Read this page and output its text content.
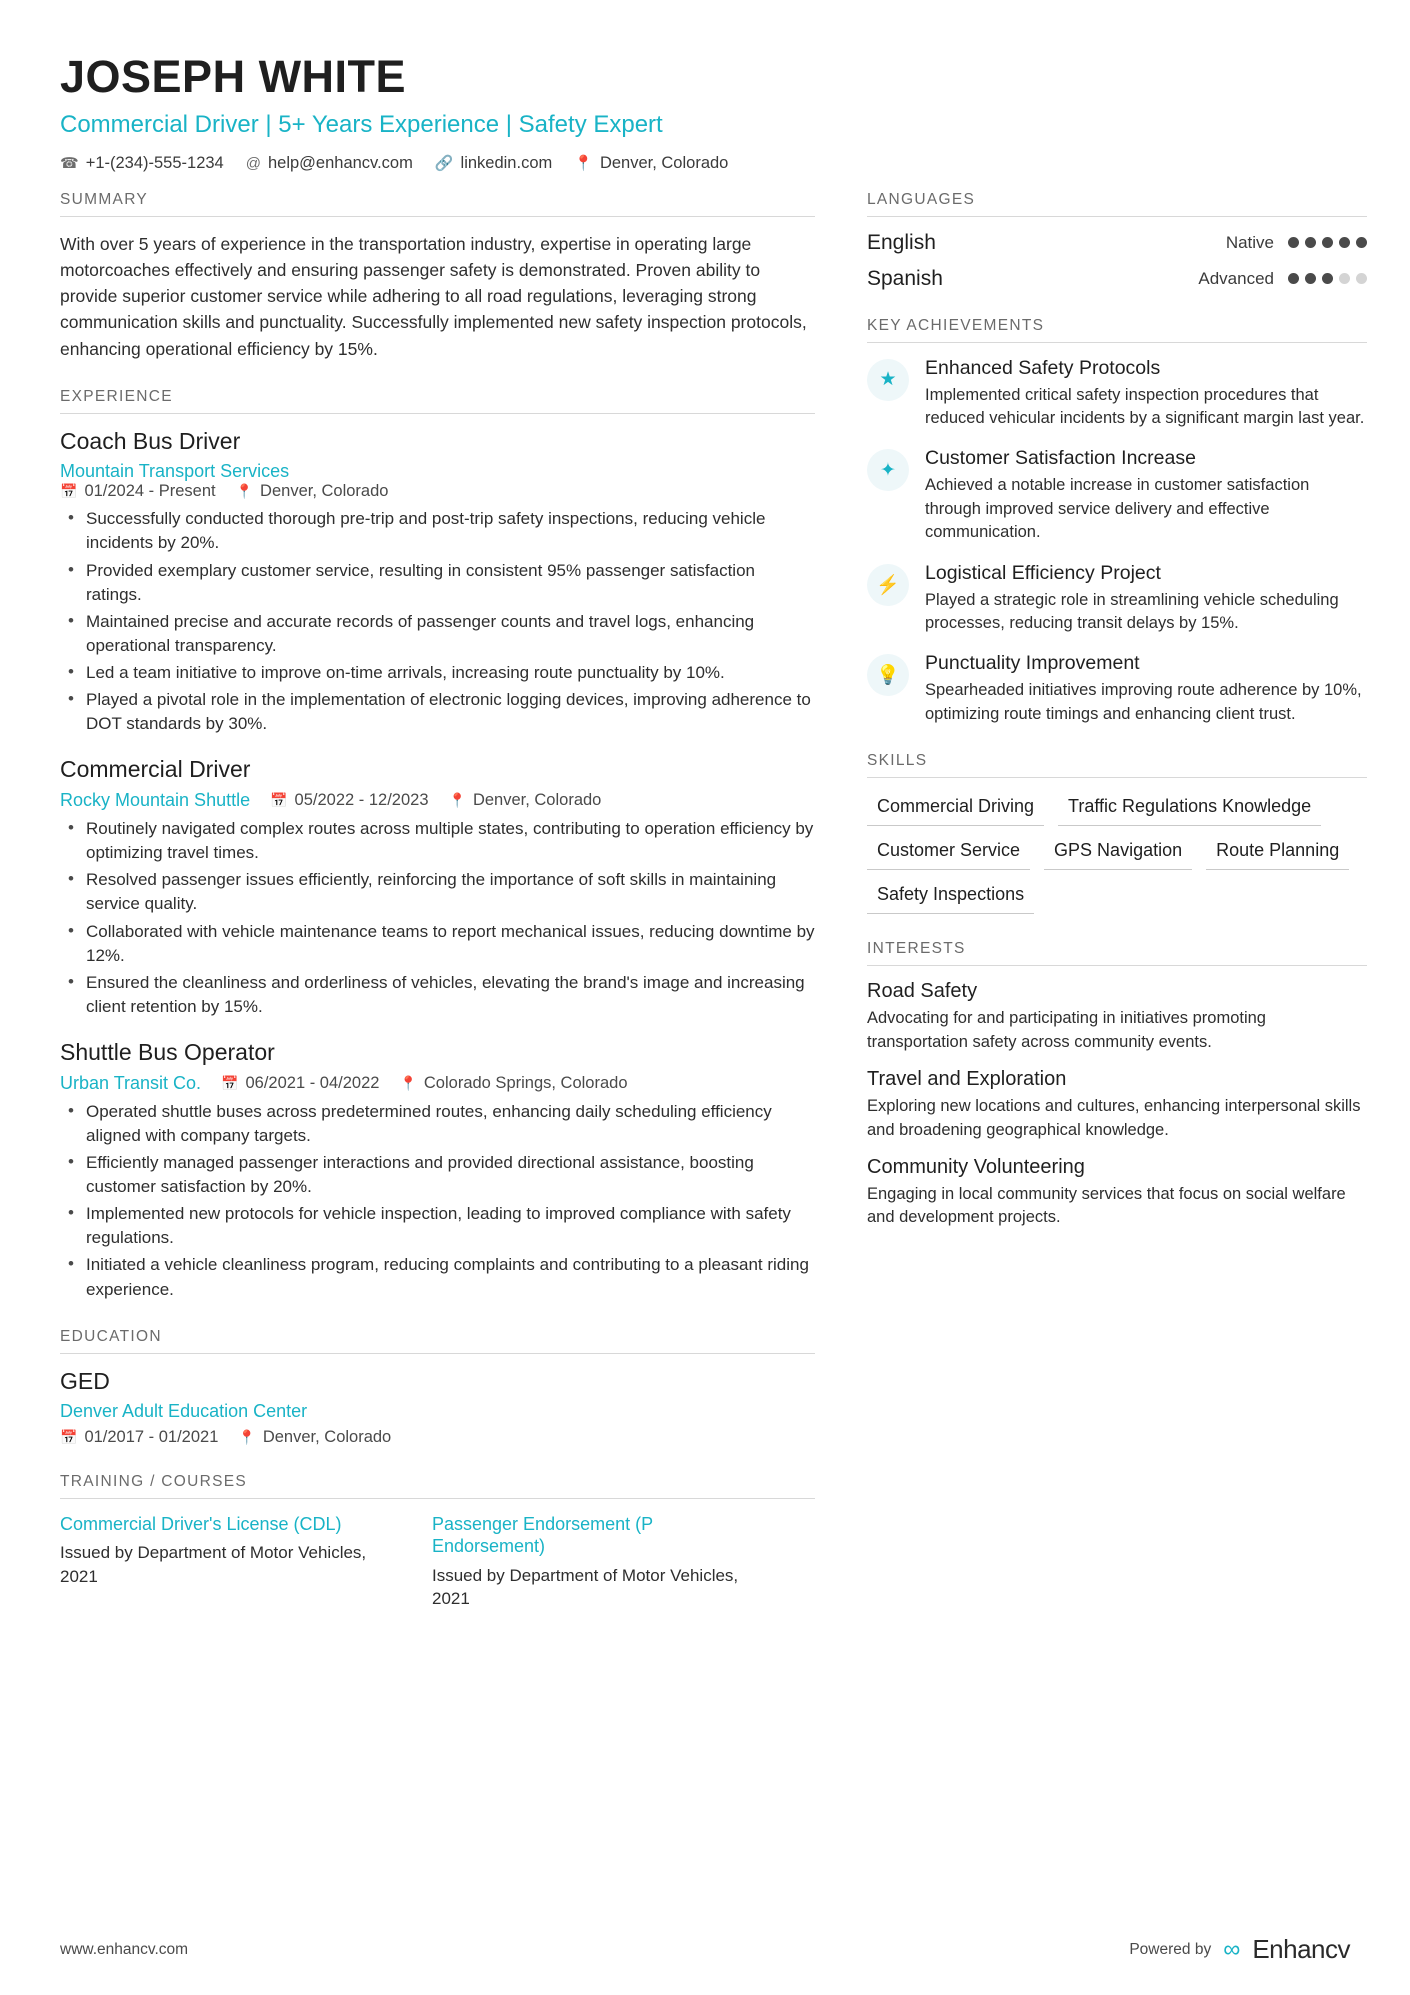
JOSEPH WHITE
Commercial Driver | 5+ Years Experience | Safety Expert
☎ +1-(234)-555-1234 @ help@enhancv.com 🔗 linkedin.com 📍 Denver, Colorado
SUMMARY
With over 5 years of experience in the transportation industry, expertise in operating large motorcoaches effectively and ensuring passenger safety is demonstrated. Proven ability to provide superior customer service while adhering to all road regulations, leveraging strong communication skills and punctuality. Successfully implemented new safety inspection protocols, enhancing operational efficiency by 15%.
EXPERIENCE
Coach Bus Driver
Mountain Transport Services
📅 01/2024 - Present 📍 Denver, Colorado
• Successfully conducted thorough pre-trip and post-trip safety inspections, reducing vehicle incidents by 20%.
• Provided exemplary customer service, resulting in consistent 95% passenger satisfaction ratings.
• Maintained precise and accurate records of passenger counts and travel logs, enhancing operational transparency.
• Led a team initiative to improve on-time arrivals, increasing route punctuality by 10%.
• Played a pivotal role in the implementation of electronic logging devices, improving adherence to DOT standards by 30%.
Commercial Driver
Rocky Mountain Shuttle 📅 05/2022 - 12/2023 📍 Denver, Colorado
• Routinely navigated complex routes across multiple states, contributing to operation efficiency by optimizing travel times.
• Resolved passenger issues efficiently, reinforcing the importance of soft skills in maintaining service quality.
• Collaborated with vehicle maintenance teams to report mechanical issues, reducing downtime by 12%.
• Ensured the cleanliness and orderliness of vehicles, elevating the brand's image and increasing client retention by 15%.
Shuttle Bus Operator
Urban Transit Co. 📅 06/2021 - 04/2022 📍 Colorado Springs, Colorado
• Operated shuttle buses across predetermined routes, enhancing daily scheduling efficiency aligned with company targets.
• Efficiently managed passenger interactions and provided directional assistance, boosting customer satisfaction by 20%.
• Implemented new protocols for vehicle inspection, leading to improved compliance with safety regulations.
• Initiated a vehicle cleanliness program, reducing complaints and contributing to a pleasant riding experience.
EDUCATION
GED
Denver Adult Education Center
📅 01/2017 - 01/2021 📍 Denver, Colorado
TRAINING / COURSES
Commercial Driver's License (CDL)
Issued by Department of Motor Vehicles, 2021
Passenger Endorsement (P Endorsement)
Issued by Department of Motor Vehicles, 2021
LANGUAGES
English	Native
Spanish	Advanced
KEY ACHIEVEMENTS
★
Enhanced Safety Protocols
Implemented critical safety inspection procedures that reduced vehicular incidents by a significant margin last year.
✦
Customer Satisfaction Increase
Achieved a notable increase in customer satisfaction through improved service delivery and effective communication.
⚡
Logistical Efficiency Project
Played a strategic role in streamlining vehicle scheduling processes, reducing transit delays by 15%.
💡
Punctuality Improvement
Spearheaded initiatives improving route adherence by 10%, optimizing route timings and enhancing client trust.
SKILLS
Commercial Driving	Traffic Regulations Knowledge
Customer Service	GPS Navigation	Route Planning
Safety Inspections
INTERESTS
Road Safety
Advocating for and participating in initiatives promoting transportation safety across community events.
Travel and Exploration
Exploring new locations and cultures, enhancing interpersonal skills and broadening geographical knowledge.
Community Volunteering
Engaging in local community services that focus on social welfare and development projects.
www.enhancv.com	Powered by ∞ Enhancv
